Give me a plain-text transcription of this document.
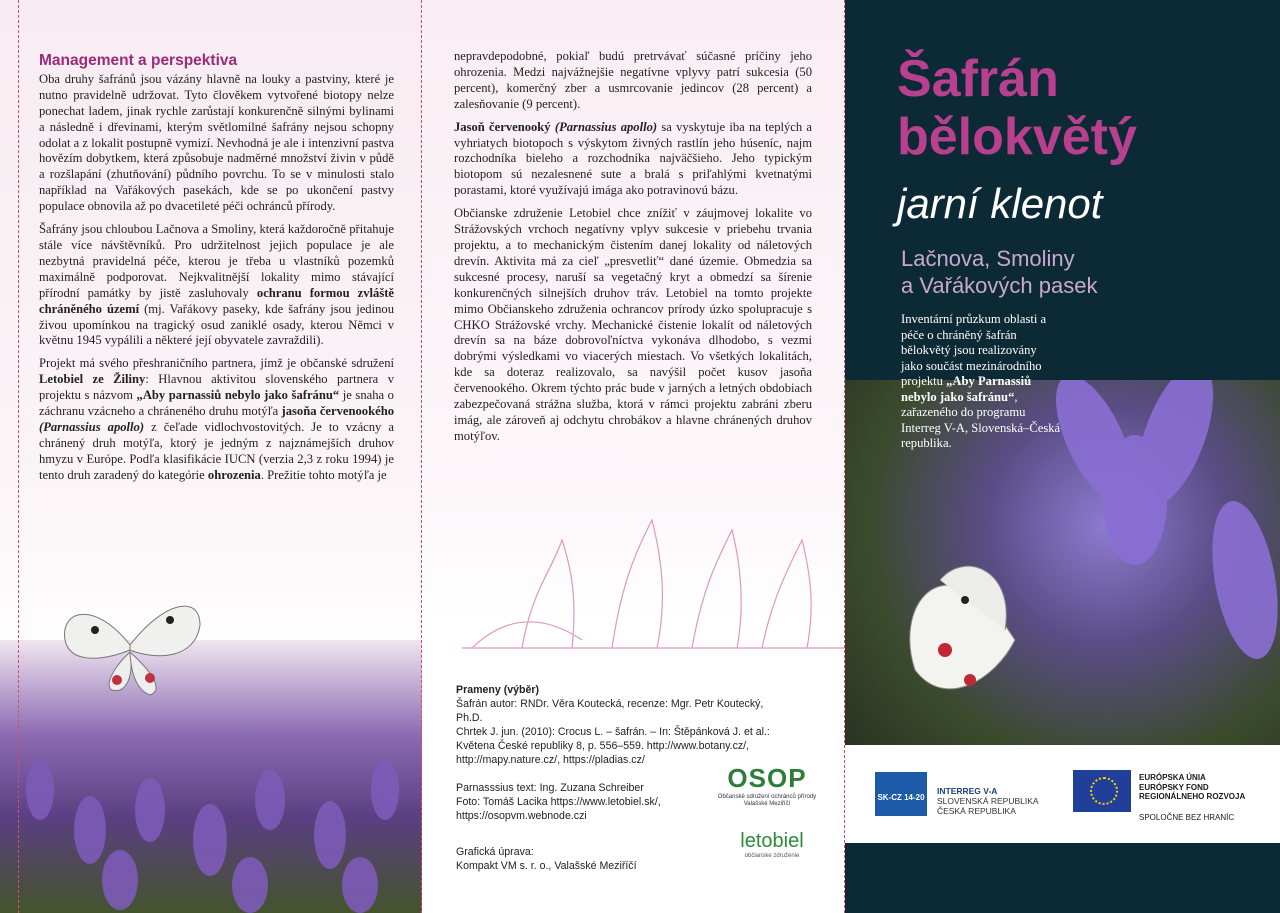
Management a perspektiva

Oba druhy šafránů jsou vázány hlavně na louky a pastviny, které je nutno pravidelně udržovat. Tyto člověkem vytvořené biotopy nelze ponechat ladem, jinak rychle zarůstají konkurenčně silnými bylinami a následně i dřevinami, kterým světlomilné šafrány nejsou schopny odolat a z lokalit postupně vymizí. Nevhodná je ale i intenzivní pastva hovězím dobytkem, která způsobuje nadměrné množství živin v půdě a rozšlapání (zhutňování) půdního povrchu. To se v minulosti stalo například na Vařákových pasekách, kde se po ukončení pastvy populace obnovila až po dvacetileté péči ochránců přírody.

Šafrány jsou chloubou Lačnova a Smoliny, která každoročně přitahuje stále více návštěvníků. Pro udržitelnost jejich populace je ale nezbytná pravidelná péče, kterou je třeba u vlastníků pozemků maximálně podporovat. Nejkvalitnější lokality mimo stávající přírodní památky by jistě zasluhovaly ochranu formou zvláště chráněného území (mj. Vařákovy paseky, kde šafrány jsou jedinou živou upomínkou na tragický osud zaniklé osady, kterou Němci v květnu 1945 vypálili a některé její obyvatele zavraždili).

Projekt má svého přeshraničního partnera, jímž je občanské sdružení Letobiel ze Žiliny: Hlavnou aktivitou slovenského partnera v projektu s názvom „Aby parnassiů nebylo jako šafránu“ je snaha o záchranu vzácneho a chráneného druhu motýľa jasoňa červenookého (Parnassius apollo) z čeľade vidlochvostovitých. Je to vzácny a chránený druh motýľa, ktorý je jedným z najznámejších druhov hmyzu v Európe. Podľa klasifikácie IUCN (verzia 2,3 z roku 1994) je tento druh zaradený do kategórie ohrozenia. Prežitie tohto motýľa je

nepravdepodobné, pokiaľ budú pretrvávať súčasné príčiny jeho ohrozenia. Medzi najvážnejšie negatívne vplyvy patrí sukcesia (50 percent), komerčný zber a usmrcovanie jedincov (28 percent) a zalesňovanie (9 percent).

Jasoň červenooký (Parnassius apollo) sa vyskytuje iba na teplých a vyhriatych biotopoch s výskytom živných rastlín jeho húseníc, najm rozchodníka bieleho a rozchodníka najväčšieho. Jeho typickým biotopom sú nezalesnené sute a bralá s priľahlými kvetnatými porastami, ktoré využívajú imága ako potravinovú bázu.

Občianske združenie Letobiel chce znížiť v záujmovej lokalite vo Strážovských vrchoch negatívny vplyv sukcesie v priebehu trvania projektu, a to mechanickým čistením danej lokality od náletových drevín. Aktivita má za cieľ „presvetliť“ dané územie. Obmedzia sa sukcesné procesy, naruší sa vegetačný kryt a obmedzí sa šírenie konkurenčných silnejších druhov tráv. Letobiel na tomto projekte mimo Občianskeho združenia ochrancov prírody úzko spolupracuje s CHKO Strážovské vrchy. Mechanické čistenie lokalít od náletových drevín sa na báze dobrovoľníctva vykonáva dlhodobo, s vezmi dobrými výsledkami vo viacerých miestach. Vo všetkých lokalitách, kde sa doteraz realizovalo, sa navýšil počet kusov jasoňa červenookého. Okrem týchto prác bude v jarných a letných obdobiach zabezpečovaná strážna služba, ktorá v rámci projektu zabráni zberu imág, ale zároveň aj odchytu chrobákov a hlavne chránených druhov motýľov.

Prameny (výběr)
Šafrán autor: RNDr. Věra Koutecká, recenze: Mgr. Petr Koutecký, Ph.D.
Chrtek J. jun. (2010): Crocus L. – šafrán. – In: Štěpánková J. et al.:
Květena České republiky 8, p. 556–559. http://www.botany.cz/,
http://mapy.nature.cz/, https://pladias.cz/
Parnasssius text: Ing. Zuzana Schreiber
Foto: Tomáš Lacika https://www.letobiel.sk/,
https://osopvm.webnode.czi
Grafická úprava:
Kompakt VM s. r. o., Valašské Meziříčí
OSOP
Občanské sdružení ochránců přírody Valašské Meziříčí
letobiel
občianske združenie
Šafrán
bělokvětý
jarní klenot
Lačnova, Smoliny
a Vařákových pasek
Inventární průzkum oblasti a péče o chráněný šafrán bělokvětý jsou realizovány jako součást mezinárodního projektu „Aby Parnassiů nebylo jako šafránu“, zařazeného do programu Interreg V-A, Slovenská–Česká republika.
SK-CZ 14-20
INTERREG V-A
SLOVENSKÁ REPUBLIKA
ČESKÁ REPUBLIKA
EURÓPSKA ÚNIA
EURÓPSKY FOND
REGIONÁLNEHO ROZVOJA
SPOLOČNE BEZ HRANÍC
